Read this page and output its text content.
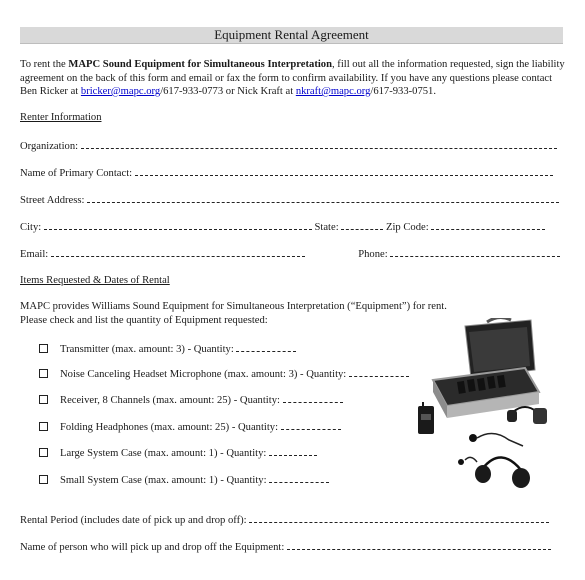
Equipment Rental Agreement
To rent the MAPC Sound Equipment for Simultaneous Interpretation, fill out all the information requested, sign the liability agreement on the back of this form and email or fax the form to confirm availability. If you have any questions please contact Ben Ricker at bricker@mapc.org/617-933-0773 or Nick Kraft at nkraft@mapc.org/617-933-0751.
Renter Information
Organization:
Name of Primary Contact:
Street Address:
City:	State:	Zip Code:
Email:	Phone:
Items Requested & Dates of Rental
MAPC provides Williams Sound Equipment for Simultaneous Interpretation (“Equipment”) for rent.
Please check and list the quantity of Equipment requested:
Transmitter (max. amount: 3) - Quantity:
Noise Canceling Headset Microphone (max. amount: 3) - Quantity:
Receiver, 8 Channels (max. amount: 25) - Quantity:
Folding Headphones (max. amount: 25) - Quantity:
Large System Case (max. amount: 1) - Quantity:
Small System Case (max. amount: 1) - Quantity:
Rental Period (includes date of pick up and drop off):
Name of person who will pick up and drop off the Equipment:
